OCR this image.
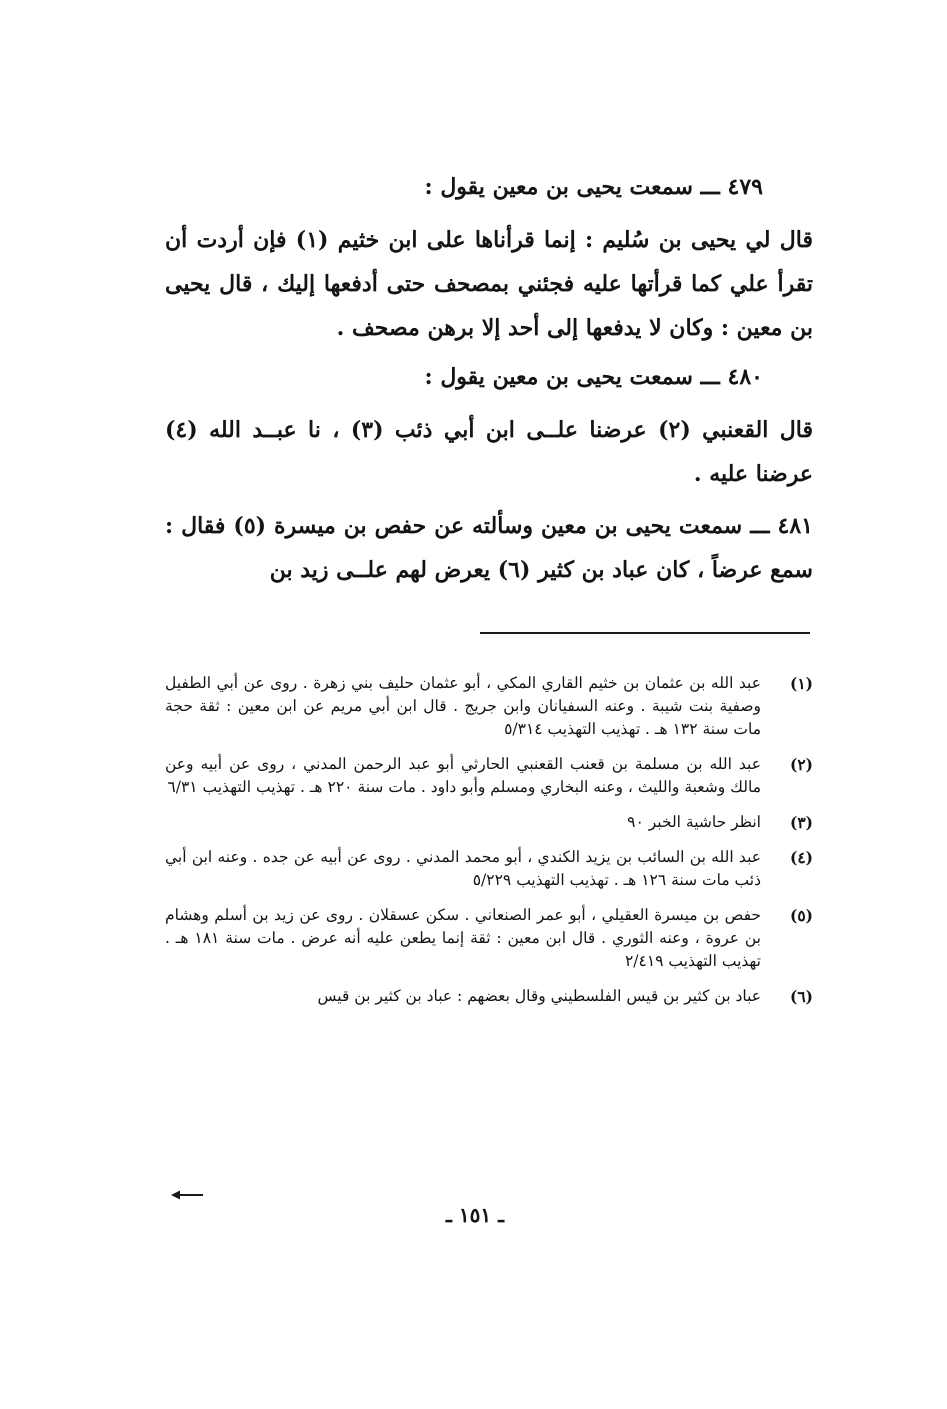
٤٧٩ ـــ سمعت يحيى بن معين يقول :
قال لي يحيى بن سُليم : إنما قرأناها على ابن خثيم (١) فإن أردت أن تقرأ علي كما قرأتها عليه فجئني بمصحف حتى أدفعها إليك ، قال يحيى بن معين : وكان لا يدفعها إلى أحد إلا برهن مصحف .
٤٨٠ ـــ سمعت يحيى بن معين يقول :
قال القعنبي (٢) عرضنا علــى ابن أبي ذئب (٣) ، نا عبــد الله (٤) عرضنا عليه .
٤٨١ ـــ سمعت يحيى بن معين وسألته عن حفص بن ميسرة (٥) فقال : سمع عرضاً ، كان عباد بن كثير (٦) يعرض لهم علــى زيد بن
(١)
عبد الله بن عثمان بن خثيم القاري المكي ، أبو عثمان حليف بني زهرة . روى عن أبي الطفيل وصفية بنت شيبة . وعنه السفيانان وابن جريج . قال ابن أبي مريم عن ابن معين : ثقة حجة مات سنة ١٣٢ هـ . تهذيب التهذيب ٥/٣١٤
(٢)
عبد الله بن مسلمة بن قعنب القعنبي الحارثي أبو عبد الرحمن المدني ، روى عن أبيه وعن مالك وشعبة والليث ، وعنه البخاري ومسلم وأبو داود . مات سنة ٢٢٠ هـ . تهذيب التهذيب ٦/٣١
(٣)
انظر حاشية الخبر ٩٠
(٤)
عبد الله بن السائب بن يزيد الكندي ، أبو محمد المدني . روى عن أبيه عن جده . وعنه ابن أبي ذئب مات سنة ١٢٦ هـ . تهذيب التهذيب ٥/٢٢٩
(٥)
حفص بن ميسرة العقيلي ، أبو عمر الصنعاني . سكن عسقلان . روى عن زيد بن أسلم وهشام بن عروة ، وعنه الثوري . قال ابن معين : ثقة إنما يطعن عليه أنه عرض . مات سنة ١٨١ هـ . تهذيب التهذيب ٢/٤١٩
(٦)
عباد بن كثير بن قيس الفلسطيني وقال بعضهم : عباد بن كثير بن قيس
ـ ١٥١ ـ
